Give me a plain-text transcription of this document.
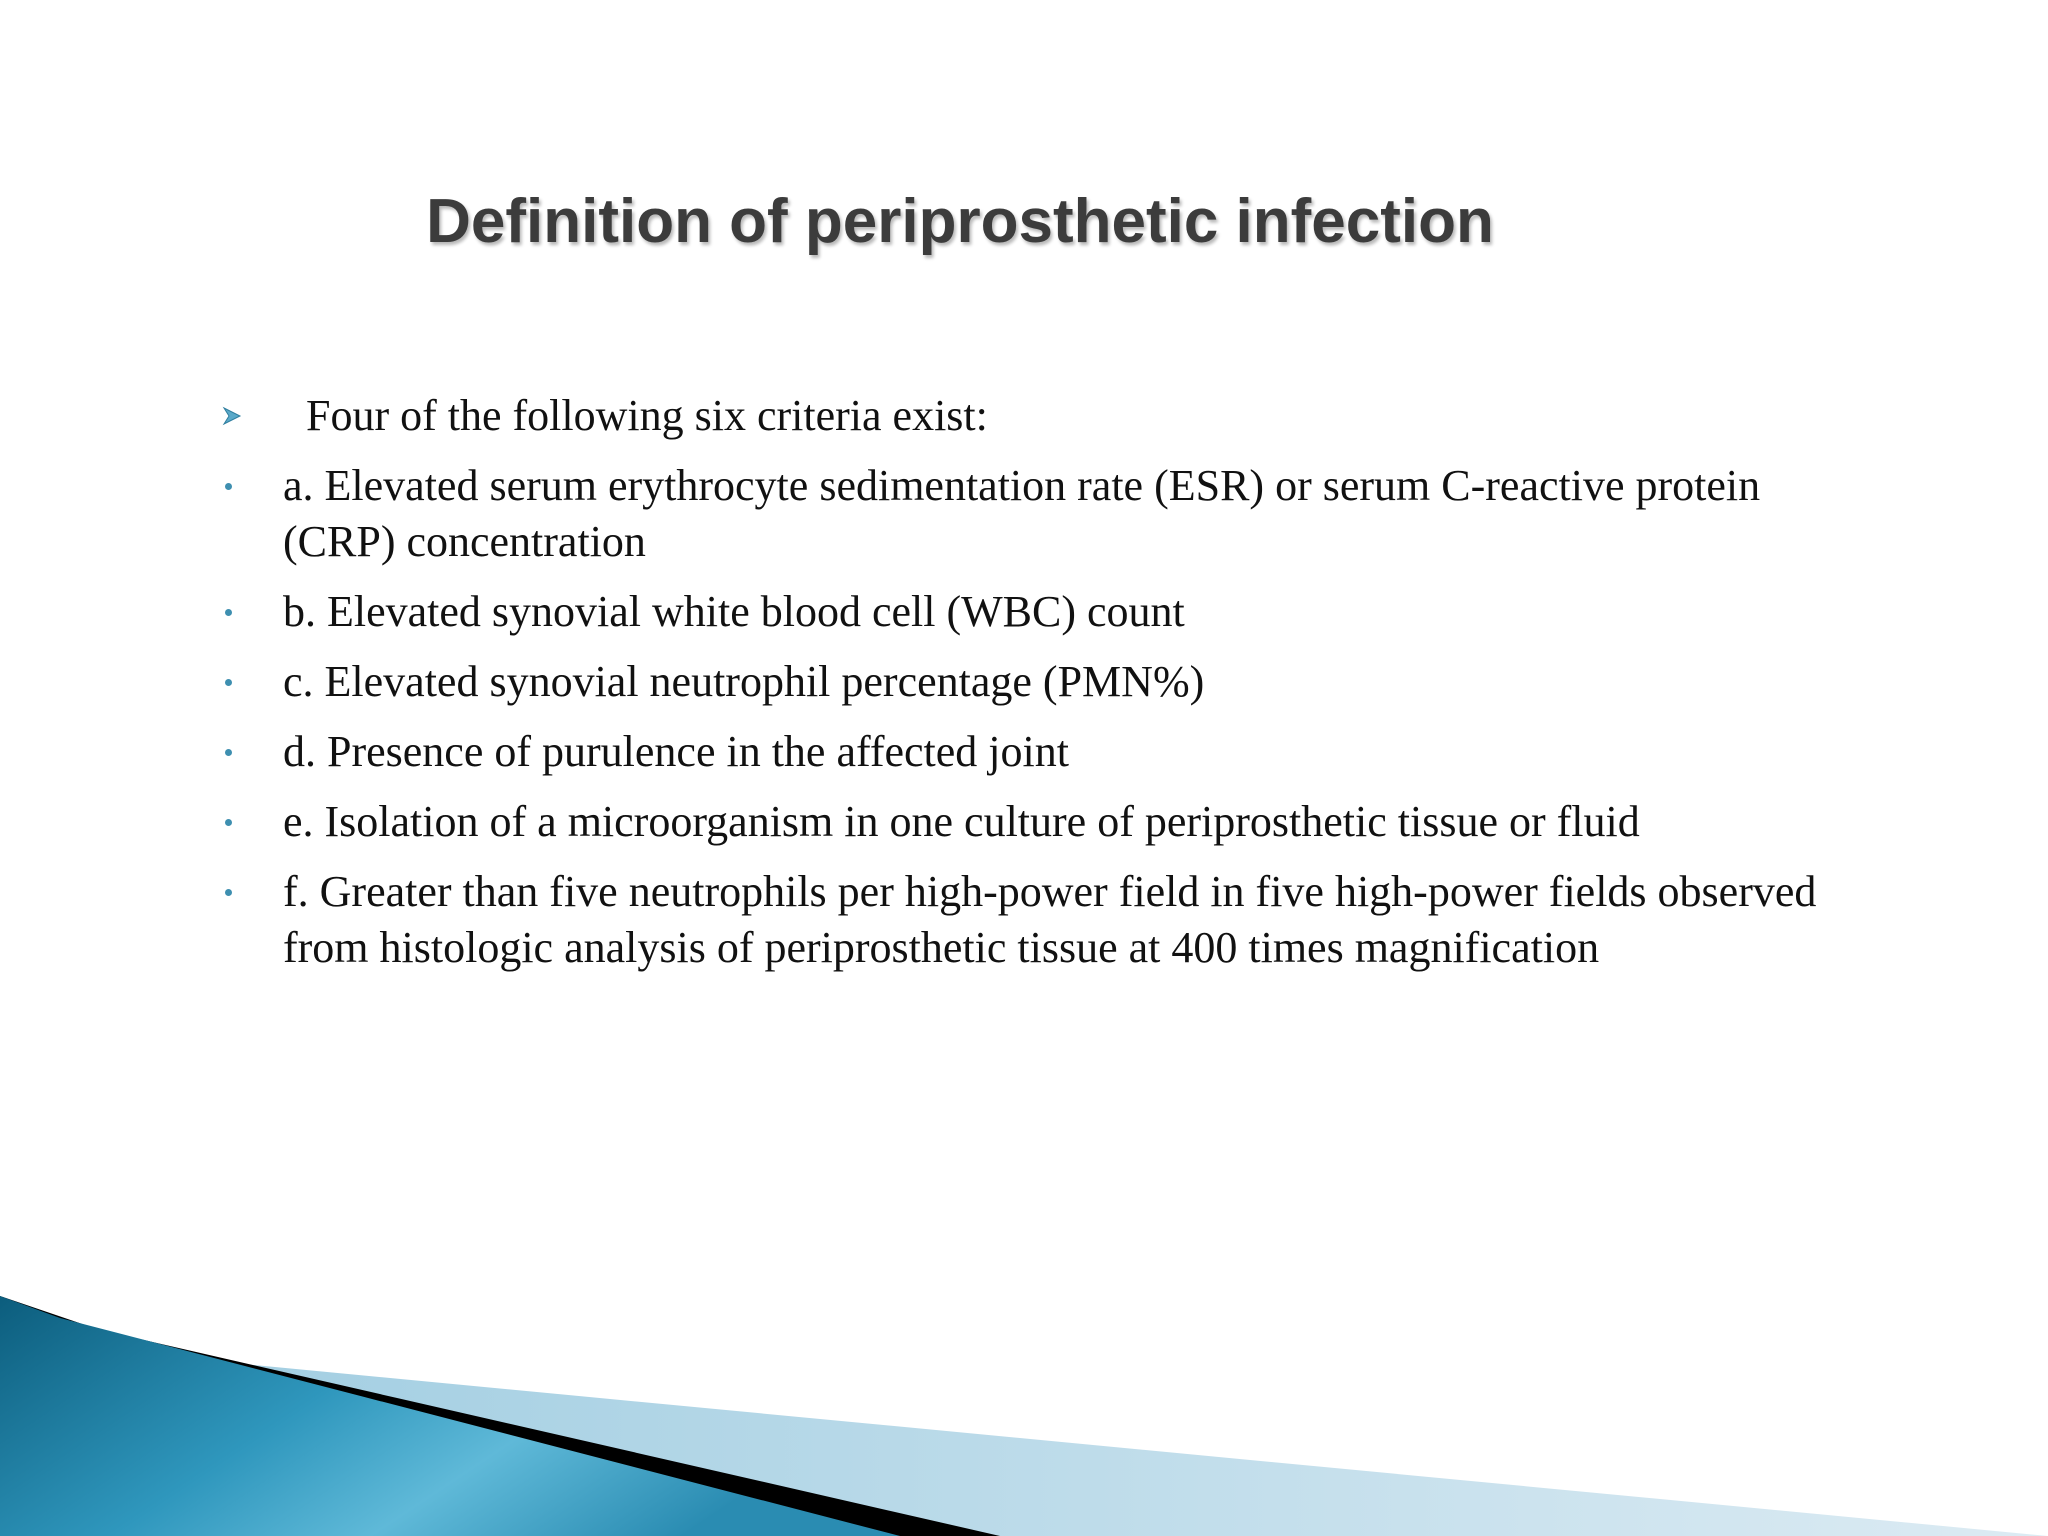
Definition of periprosthetic infection
Four of the following six criteria exist:
a. Elevated serum erythrocyte sedimentation rate (ESR) or serum C-reactive protein (CRP) concentration
b. Elevated synovial white blood cell (WBC) count
c. Elevated synovial neutrophil percentage (PMN%)
d. Presence of purulence in the affected joint
e. Isolation of a microorganism in one culture of periprosthetic tissue or fluid
f. Greater than five neutrophils per high-power field in five high-power fields observed from histologic analysis of periprosthetic tissue at 400 times magnification
